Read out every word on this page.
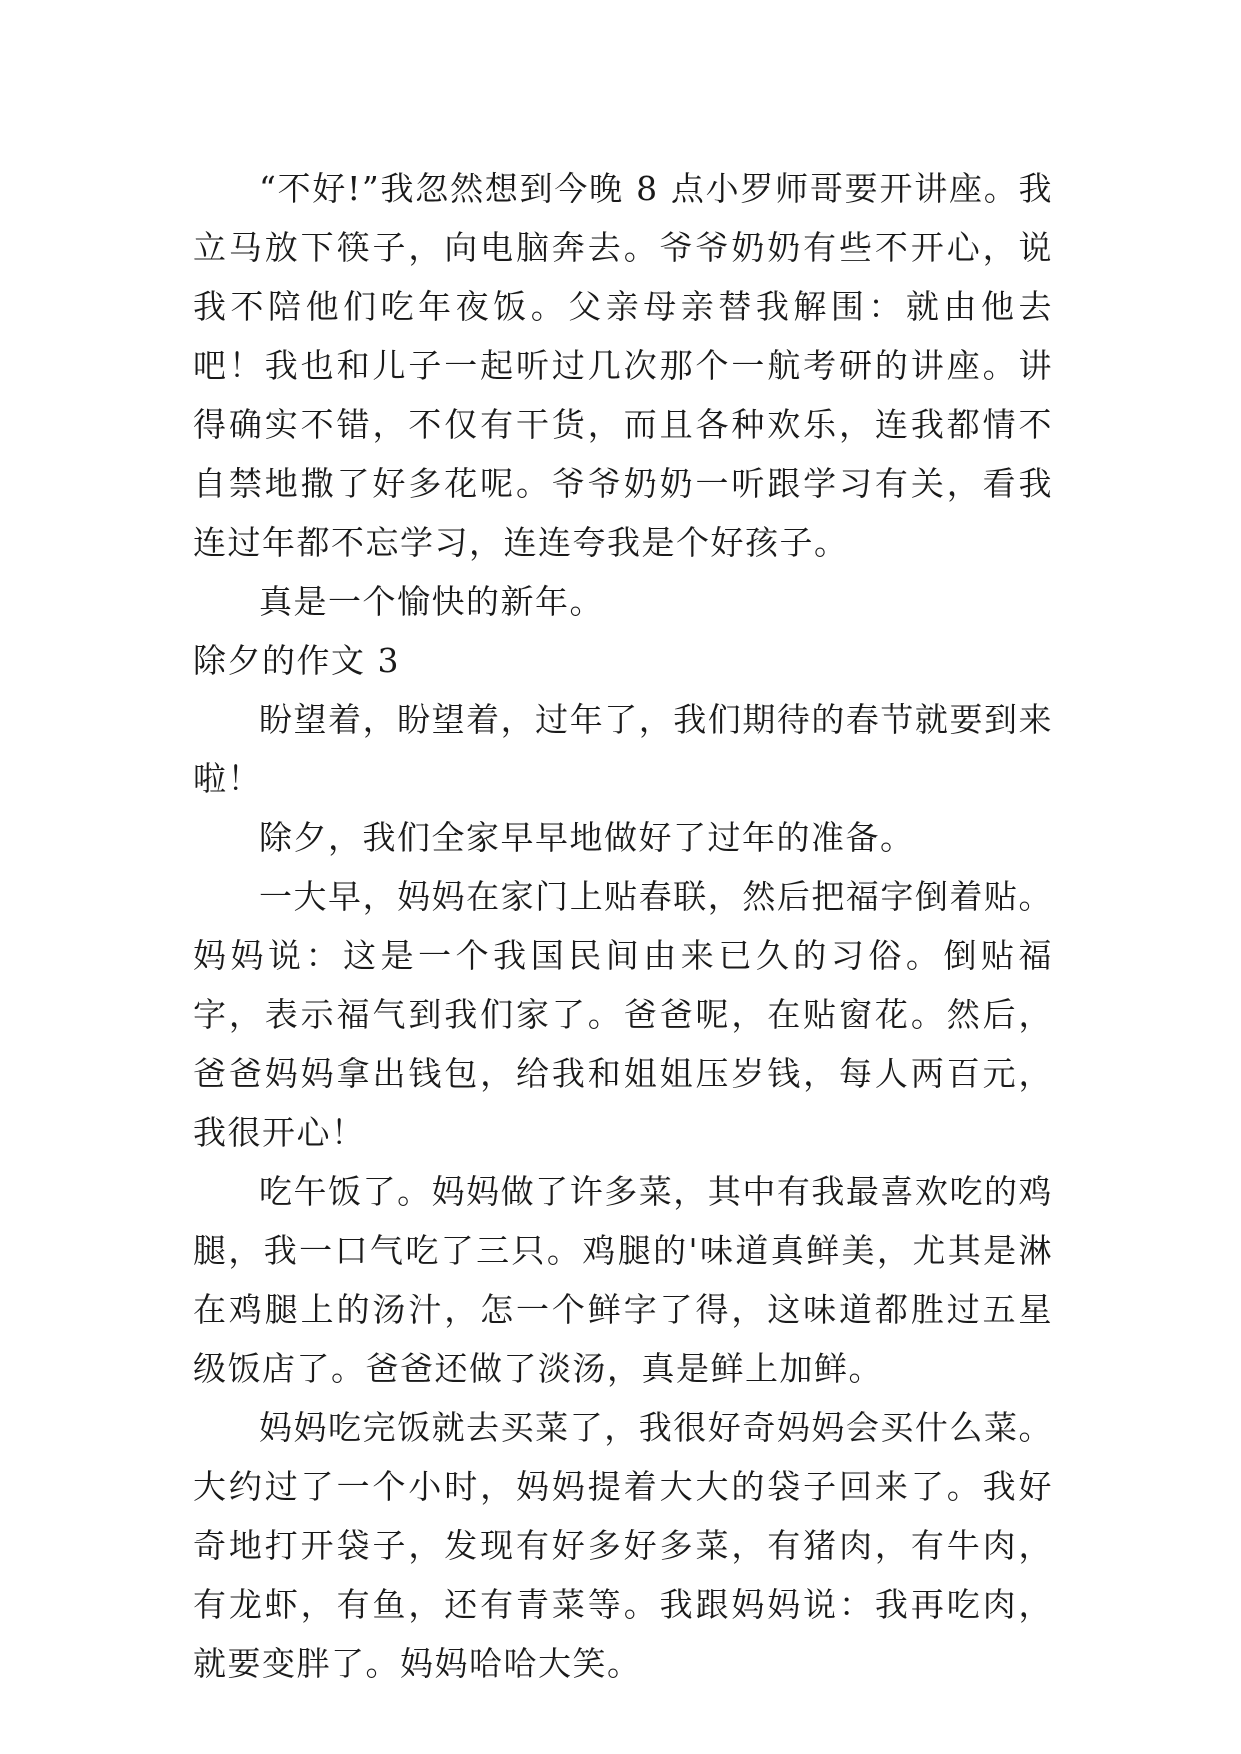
“不好!”我忽然想到今晚 8 点小罗师哥要开讲座。我立马放下筷子，向电脑奔去。爷爷奶奶有些不开心，说我不陪他们吃年夜饭。父亲母亲替我解围：就由他去吧！我也和儿子一起听过几次那个一航考研的讲座。讲得确实不错，不仅有干货，而且各种欢乐，连我都情不自禁地撒了好多花呢。爷爷奶奶一听跟学习有关，看我连过年都不忘学习，连连夸我是个好孩子。

真是一个愉快的新年。

除夕的作文 3

盼望着，盼望着，过年了，我们期待的春节就要到来啦！

除夕，我们全家早早地做好了过年的准备。

一大早，妈妈在家门上贴春联，然后把福字倒着贴。妈妈说：这是一个我国民间由来已久的习俗。倒贴福字，表示福气到我们家了。爸爸呢，在贴窗花。然后，爸爸妈妈拿出钱包，给我和姐姐压岁钱，每人两百元，我很开心！

吃午饭了。妈妈做了许多菜，其中有我最喜欢吃的鸡腿，我一口气吃了三只。鸡腿的'味道真鲜美，尤其是淋在鸡腿上的汤汁，怎一个鲜字了得，这味道都胜过五星级饭店了。爸爸还做了淡汤，真是鲜上加鲜。

妈妈吃完饭就去买菜了，我很好奇妈妈会买什么菜。大约过了一个小时，妈妈提着大大的袋子回来了。我好奇地打开袋子，发现有好多好多菜，有猪肉，有牛肉，有龙虾，有鱼，还有青菜等。我跟妈妈说：我再吃肉，就要变胖了。妈妈哈哈大笑。
